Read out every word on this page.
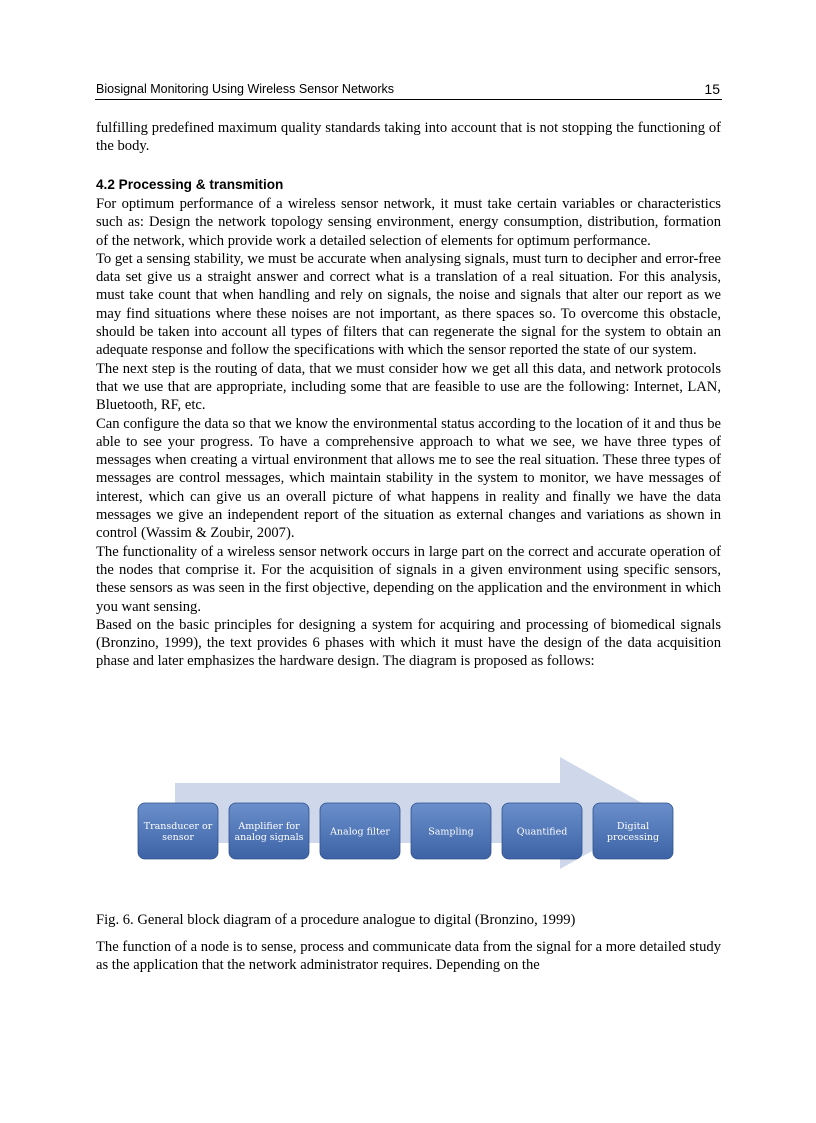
Biosignal Monitoring Using Wireless Sensor Networks	15

fulfilling predefined maximum quality standards taking into account that is not stopping the functioning of the body.

4.2 Processing & transmition

For optimum performance of a wireless sensor network, it must take certain variables or characteristics such as: Design the network topology sensing environment, energy consumption, distribution, formation of the network, which provide work a detailed selection of elements for optimum performance.

To get a sensing stability, we must be accurate when analysing signals, must turn to decipher and error-free data set give us a straight answer and correct what is a translation of a real situation. For this analysis, must take count that when handling and rely on signals, the noise and signals that alter our report as we may find situations where these noises are not important, as there spaces so. To overcome this obstacle, should be taken into account all types of filters that can regenerate the signal for the system to obtain an adequate response and follow the specifications with which the sensor reported the state of our system.

The next step is the routing of data, that we must consider how we get all this data, and network protocols that we use that are appropriate, including some that are feasible to use are the following: Internet, LAN, Bluetooth, RF, etc.

Can configure the data so that we know the environmental status according to the location of it and thus be able to see your progress. To have a comprehensive approach to what we see, we have three types of messages when creating a virtual environment that allows me to see the real situation. These three types of messages are control messages, which maintain stability in the system to monitor, we have messages of interest, which can give us an overall picture of what happens in reality and finally we have the data messages we give an independent report of the situation as external changes and variations as shown in control (Wassim & Zoubir, 2007).

The functionality of a wireless sensor network occurs in large part on the correct and accurate operation of the nodes that comprise it. For the acquisition of signals in a given environment using specific sensors, these sensors as was seen in the first objective, depending on the application and the environment in which you want sensing.

Based on the basic principles for designing a system for acquiring and processing of biomedical signals (Bronzino, 1999), the text provides 6 phases with which it must have the design of the data acquisition phase and later emphasizes the hardware design. The diagram is proposed as follows:

Transducer or
sensor
Amplifier for
analog signals	Analog filter	Sampling	Quantified	Digital
processing
Fig. 6. General block diagram of a procedure analogue to digital (Bronzino, 1999)

The function of a node is to sense, process and communicate data from the signal for a more detailed study as the application that the network administrator requires. Depending on the
